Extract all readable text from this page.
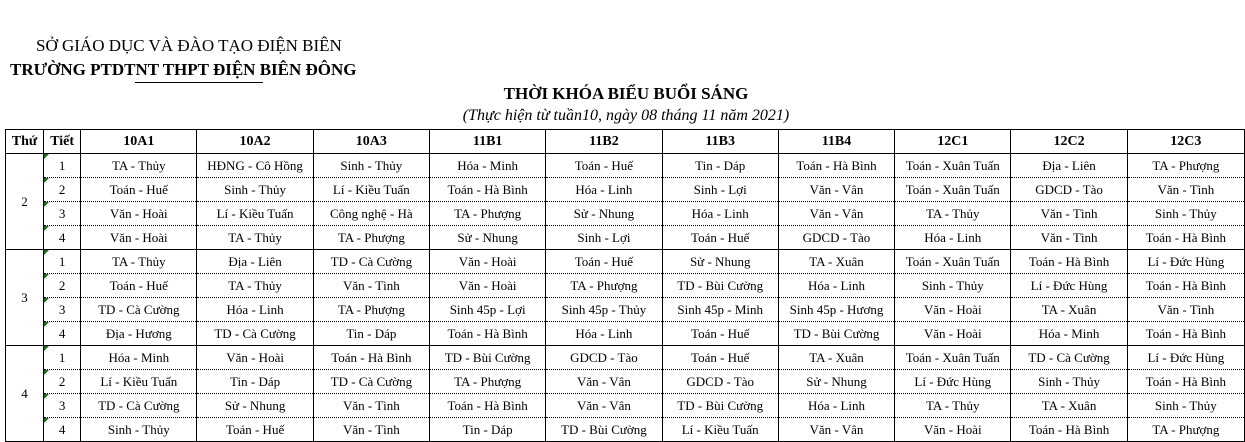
SỞ GIÁO DỤC VÀ ĐÀO TẠO ĐIỆN BIÊN
TRƯỜNG PTDTNT THPT ĐIỆN BIÊN ĐÔNG
THỜI KHÓA BIỂU BUỔI SÁNG
(Thực hiện từ tuần10, ngày 08 tháng 11 năm 2021)
Thứ	Tiết	10A1	10A2	10A3	11B1	11B2	11B3	11B4	12C1	12C2	12C3
2	1	TA - Thủy	HĐNG - Cô Hồng	Sinh - Thủy	Hóa - Minh	Toán - Huế	Tin - Dáp	Toán - Hà Bình	Toán - Xuân Tuấn	Địa - Liên	TA - Phượng
	2	Toán - Huế	Sinh - Thủy	Lí - Kiều Tuấn	Toán - Hà Bình	Hóa - Linh	Sinh - Lợi	Văn - Vân	Toán - Xuân Tuấn	GDCD - Tào	Văn - Tình
	3	Văn - Hoài	Lí - Kiều Tuấn	Công nghệ - Hà	TA - Phượng	Sử - Nhung	Hóa - Linh	Văn - Vân	TA - Thủy	Văn - Tình	Sinh - Thủy
	4	Văn - Hoài	TA - Thủy	TA - Phượng	Sử - Nhung	Sinh - Lợi	Toán - Huế	GDCD - Tào	Hóa - Linh	Văn - Tình	Toán - Hà Bình
3	1	TA - Thủy	Địa - Liên	TD - Cà Cường	Văn - Hoài	Toán - Huế	Sử - Nhung	TA - Xuân	Toán - Xuân Tuấn	Toán - Hà Bình	Lí - Đức Hùng
	2	Toán - Huế	TA - Thủy	Văn - Tình	Văn - Hoài	TA - Phượng	TD - Bùi Cường	Hóa - Linh	Sinh - Thủy	Lí - Đức Hùng	Toán - Hà Bình
	3	TD - Cà Cường	Hóa - Linh	TA - Phượng	Sinh 45p - Lợi	Sinh 45p - Thủy	Sinh 45p - Minh	Sinh 45p - Hương	Văn - Hoài	TA - Xuân	Văn - Tình
	4	Địa - Hương	TD - Cà Cường	Tin - Dáp	Toán - Hà Bình	Hóa - Linh	Toán - Huế	TD - Bùi Cường	Văn - Hoài	Hóa - Minh	Toán - Hà Bình
4	1	Hóa - Minh	Văn - Hoài	Toán - Hà Bình	TD - Bùi Cường	GDCD - Tào	Toán - Huế	TA - Xuân	Toán - Xuân Tuấn	TD - Cà Cường	Lí - Đức Hùng
	2	Lí - Kiều Tuấn	Tin - Dáp	TD - Cà Cường	TA - Phượng	Văn - Vân	GDCD - Tào	Sử - Nhung	Lí - Đức Hùng	Sinh - Thủy	Toán - Hà Bình
	3	TD - Cà Cường	Sử - Nhung	Văn - Tình	Toán - Hà Bình	Văn - Vân	TD - Bùi Cường	Hóa - Linh	TA - Thủy	TA - Xuân	Sinh - Thủy
	4	Sinh - Thủy	Toán - Huế	Văn - Tình	Tin - Dáp	TD - Bùi Cường	Lí - Kiều Tuấn	Văn - Vân	Văn - Hoài	Toán - Hà Bình	TA - Phượng
